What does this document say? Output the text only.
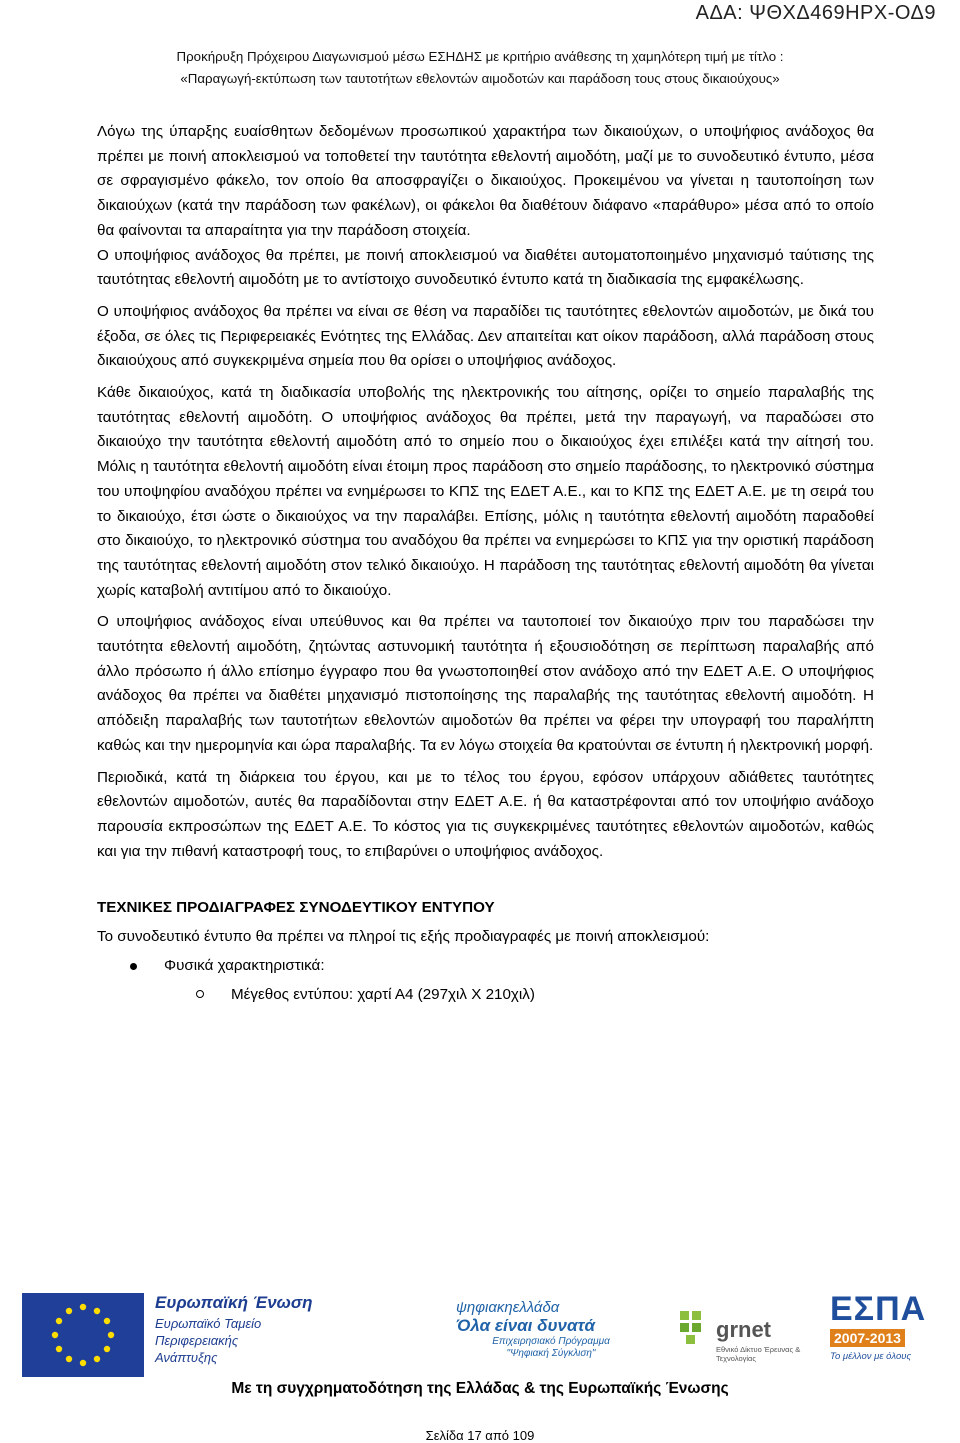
ΑΔΑ: ΨΘΧΔ469ΗΡΧ-ΟΔ9
Προκήρυξη Πρόχειρου Διαγωνισμού μέσω ΕΣΗΔΗΣ με κριτήριο ανάθεσης τη χαμηλότερη τιμή με τίτλο :
«Παραγωγή-εκτύπωση των ταυτοτήτων εθελοντών αιμοδοτών και παράδοση τους στους δικαιούχους»

Λόγω της ύπαρξης ευαίσθητων δεδομένων προσωπικού χαρακτήρα των δικαιούχων, ο υποψήφιος ανάδοχος θα πρέπει με ποινή αποκλεισμού να τοποθετεί την ταυτότητα εθελοντή αιμοδότη, μαζί με το συνοδευτικό έντυπο, μέσα σε σφραγισμένο φάκελο, τον οποίο θα αποσφραγίζει ο δικαιούχος. Προκειμένου να γίνεται η ταυτοποίηση των δικαιούχων (κατά την παράδοση των φακέλων), οι φάκελοι θα διαθέτουν διάφανο «παράθυρο» μέσα από το οποίο θα φαίνονται τα απαραίτητα για την παράδοση στοιχεία.

Ο υποψήφιος ανάδοχος θα πρέπει, με ποινή αποκλεισμού να διαθέτει αυτοματοποιημένο μηχανισμό ταύτισης της ταυτότητας εθελοντή αιμοδότη με το αντίστοιχο συνοδευτικό έντυπο κατά τη διαδικασία της εμφακέλωσης.

Ο υποψήφιος ανάδοχος θα πρέπει να είναι σε θέση να παραδίδει τις ταυτότητες εθελοντών αιμοδοτών, με δικά του έξοδα, σε όλες τις Περιφερειακές Ενότητες της Ελλάδας. Δεν απαιτείται κατ οίκον παράδοση, αλλά παράδοση στους δικαιούχους από συγκεκριμένα σημεία που θα ορίσει ο υποψήφιος ανάδοχος.

Κάθε δικαιούχος, κατά τη διαδικασία υποβολής της ηλεκτρονικής του αίτησης, ορίζει το σημείο παραλαβής της ταυτότητας εθελοντή αιμοδότη. Ο υποψήφιος ανάδοχος θα πρέπει, μετά την παραγωγή, να παραδώσει στο δικαιούχο την ταυτότητα εθελοντή αιμοδότη από το σημείο που ο δικαιούχος έχει επιλέξει κατά την αίτησή του. Μόλις η ταυτότητα εθελοντή αιμοδότη είναι έτοιμη προς παράδοση στο σημείο παράδοσης, το ηλεκτρονικό σύστημα του υποψηφίου αναδόχου πρέπει να ενημέρωσει το ΚΠΣ της ΕΔΕΤ Α.Ε., και το ΚΠΣ της ΕΔΕΤ Α.Ε. με τη σειρά του το δικαιούχο, έτσι ώστε ο δικαιούχος να την παραλάβει. Επίσης, μόλις η ταυτότητα εθελοντή αιμοδότη παραδοθεί στο δικαιούχο, το ηλεκτρονικό σύστημα του αναδόχου θα πρέπει να ενημερώσει το ΚΠΣ για την οριστική παράδοση της ταυτότητας εθελοντή αιμοδότη στον τελικό δικαιούχο. Η παράδοση της ταυτότητας εθελοντή αιμοδότη θα γίνεται χωρίς καταβολή αντιτίμου από το δικαιούχο.

Ο υποψήφιος ανάδοχος είναι υπεύθυνος και θα πρέπει να ταυτοποιεί τον δικαιούχο πριν του παραδώσει την ταυτότητα εθελοντή αιμοδότη, ζητώντας αστυνομική ταυτότητα ή εξουσιοδότηση σε περίπτωση παραλαβής από άλλο πρόσωπο ή άλλο επίσημο έγγραφο που θα γνωστοποιηθεί στον ανάδοχο από την ΕΔΕΤ Α.Ε. Ο υποψήφιος ανάδοχος θα πρέπει να διαθέτει μηχανισμό πιστοποίησης της παραλαβής της ταυτότητας εθελοντή αιμοδότη. Η απόδειξη παραλαβής των ταυτοτήτων εθελοντών αιμοδοτών θα πρέπει να φέρει την υπογραφή του παραλήπτη καθώς και την ημερομηνία και ώρα παραλαβής. Τα εν λόγω στοιχεία θα κρατούνται σε έντυπη ή ηλεκτρονική μορφή.

Περιοδικά, κατά τη διάρκεια του έργου, και με το τέλος του έργου, εφόσον υπάρχουν αδιάθετες ταυτότητες εθελοντών αιμοδοτών, αυτές θα παραδίδονται στην ΕΔΕΤ Α.Ε. ή θα καταστρέφονται από τον υποψήφιο ανάδοχο παρουσία εκπροσώπων της ΕΔΕΤ Α.Ε. Το κόστος για τις συγκεκριμένες ταυτότητες εθελοντών αιμοδοτών, καθώς και για την πιθανή καταστροφή τους, το επιβαρύνει ο υποψήφιος ανάδοχος.

ΤΕΧΝΙΚΕΣ ΠΡΟΔΙΑΓΡΑΦΕΣ ΣΥΝΟΔΕΥΤΙΚΟΥ ΕΝΤΥΠΟΥ

Το συνοδευτικό έντυπο θα πρέπει να πληροί τις εξής προδιαγραφές με ποινή αποκλεισμού:

Φυσικά χαρακτηριστικά:
Μέγεθος εντύπου: χαρτί Α4 (297χιλ Χ 210χιλ)
Ευρωπαϊκή Ένωση
Ευρωπαϊκό Ταμείο
Περιφερειακής
Ανάπτυξης
ψηφιακηελλάδα
Όλα είναι δυνατά
Επιχειρησιακό Πρόγραμμα
"Ψηφιακή Σύγκλιση"
grnet
Εθνικό Δίκτυο Έρευνας & Τεχνολογίας
ΕΣΠΑ
2007-2013
Το μέλλον με όλους
Με τη συγχρηματοδότηση της Ελλάδας & της Ευρωπαϊκής Ένωσης
Σελίδα 17 από 109
